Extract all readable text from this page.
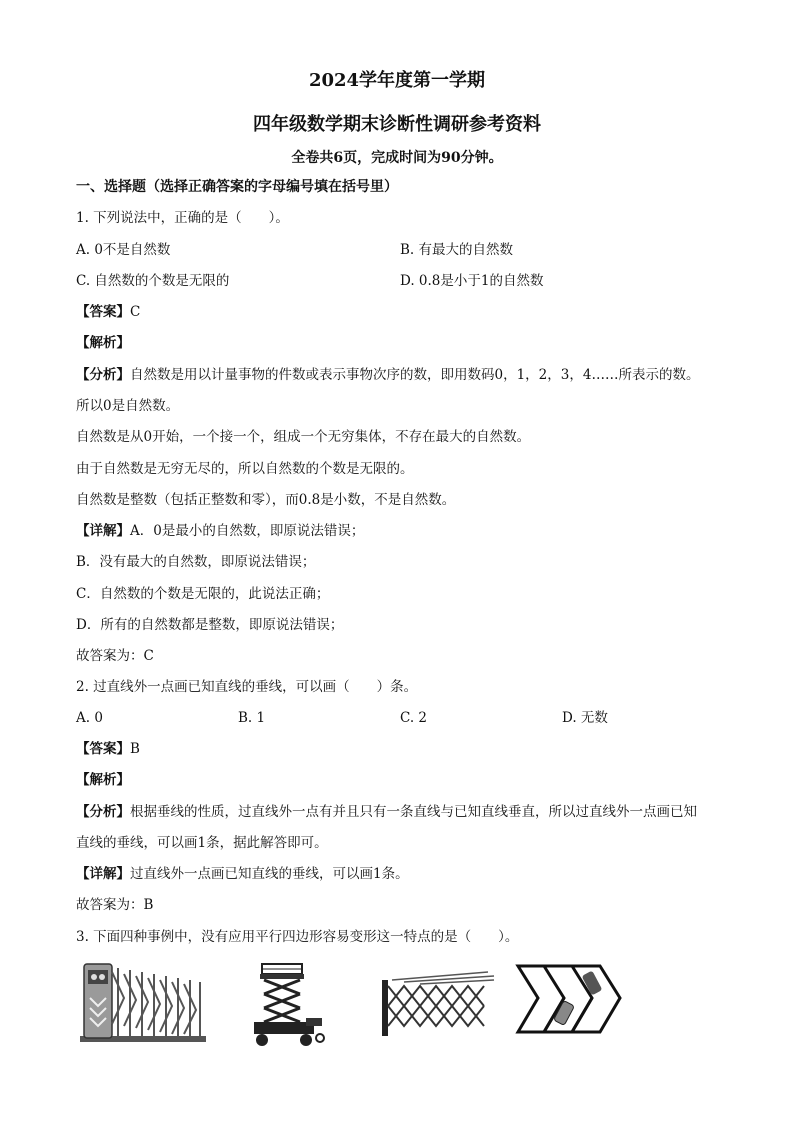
2024学年度第一学期
四年级数学期末诊断性调研参考资料
全卷共6页，完成时间为90分钟。
一、选择题（选择正确答案的字母编号填在括号里）
1. 下列说法中，正确的是（　　）。
A. 0不是自然数	B. 有最大的自然数
C. 自然数的个数是无限的	D. 0.8是小于1的自然数
【答案】C
【解析】
【分析】自然数是用以计量事物的件数或表示事物次序的数，即用数码0，1，2，3，4……所表示的数。
所以0是自然数。
自然数是从0开始，一个接一个，组成一个无穷集体，不存在最大的自然数。
由于自然数是无穷无尽的，所以自然数的个数是无限的。
自然数是整数（包括正整数和零），而0.8是小数，不是自然数。
【详解】A．0是最小的自然数，即原说法错误；
B．没有最大的自然数，即原说法错误；
C．自然数的个数是无限的，此说法正确；
D．所有的自然数都是整数，即原说法错误；
故答案为：C
2. 过直线外一点画已知直线的垂线，可以画（　　）条。
A. 0	B. 1	C. 2	D. 无数
【答案】B
【解析】
【分析】根据垂线的性质，过直线外一点有并且只有一条直线与已知直线垂直，所以过直线外一点画已知
直线的垂线，可以画1条，据此解答即可。
【详解】过直线外一点画已知直线的垂线，可以画1条。
故答案为：B
3. 下面四种事例中，没有应用平行四边形容易变形这一特点的是（　　）。
